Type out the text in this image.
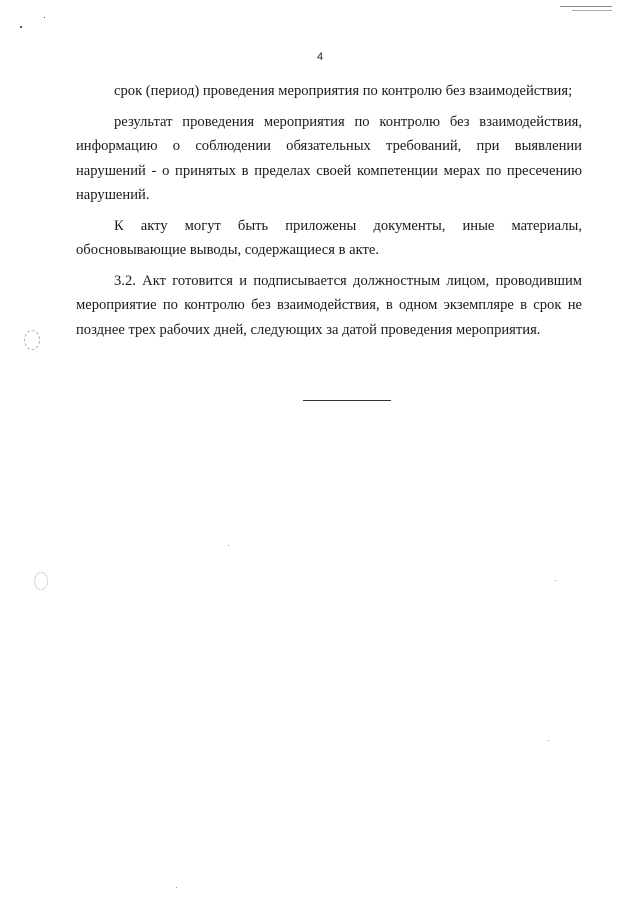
4

срок (период) проведения мероприятия по контролю без взаимодействия;

результат проведения мероприятия по контролю без взаимодействия, информацию о соблюдении обязательных требований, при выявлении нарушений - о принятых в пределах своей компетенции мерах по пресечению нарушений.

К акту могут быть приложены документы, иные материалы, обосновывающие выводы, содержащиеся в акте.

3.2. Акт готовится и подписывается должностным лицом, проводившим мероприятие по контролю без взаимодействия, в одном экземпляре в срок не позднее трех рабочих дней, следующих за датой проведения мероприятия.
